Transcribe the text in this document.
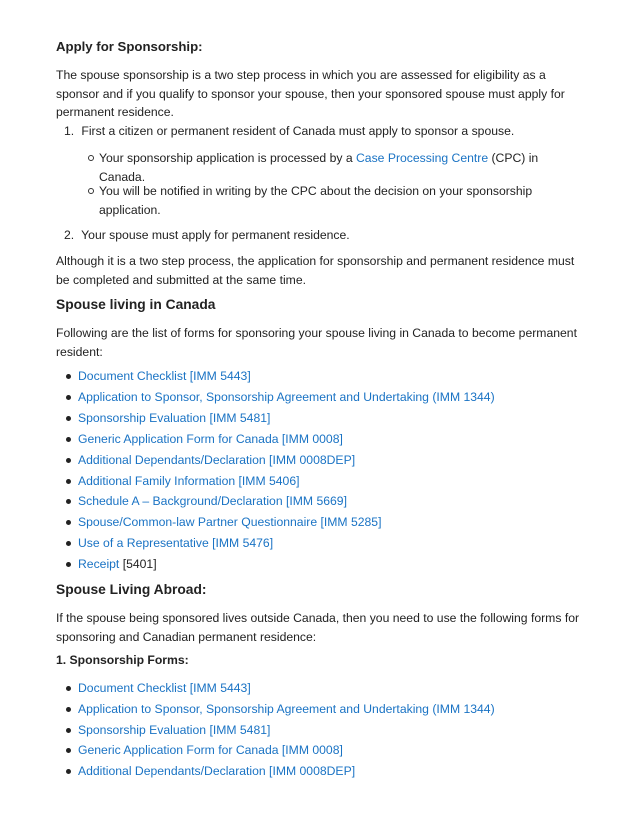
Apply for Sponsorship:

The spouse sponsorship is a two step process in which you are assessed for eligibility as a sponsor and if you qualify to sponsor your spouse, then your sponsored spouse must apply for permanent residence.

1. First a citizen or permanent resident of Canada must apply to sponsor a spouse.
Your sponsorship application is processed by a Case Processing Centre (CPC) in Canada.
You will be notified in writing by the CPC about the decision on your sponsorship application.
2. Your spouse must apply for permanent residence.

Although it is a two step process, the application for sponsorship and permanent residence must be completed and submitted at the same time.

Spouse living in Canada

Following are the list of forms for sponsoring your spouse living in Canada to become permanent resident:

Document Checklist [IMM 5443]
Application to Sponsor, Sponsorship Agreement and Undertaking (IMM 1344)
Sponsorship Evaluation [IMM 5481]
Generic Application Form for Canada [IMM 0008]
Additional Dependants/Declaration [IMM 0008DEP]
Additional Family Information [IMM 5406]
Schedule A – Background/Declaration [IMM 5669]
Spouse/Common-law Partner Questionnaire [IMM 5285]
Use of a Representative [IMM 5476]
Receipt [5401]
Spouse Living Abroad:

If the spouse being sponsored lives outside Canada, then you need to use the following forms for sponsoring and Canadian permanent residence:

1. Sponsorship Forms:
Document Checklist [IMM 5443]
Application to Sponsor, Sponsorship Agreement and Undertaking (IMM 1344)
Sponsorship Evaluation [IMM 5481]
Generic Application Form for Canada [IMM 0008]
Additional Dependants/Declaration [IMM 0008DEP]
